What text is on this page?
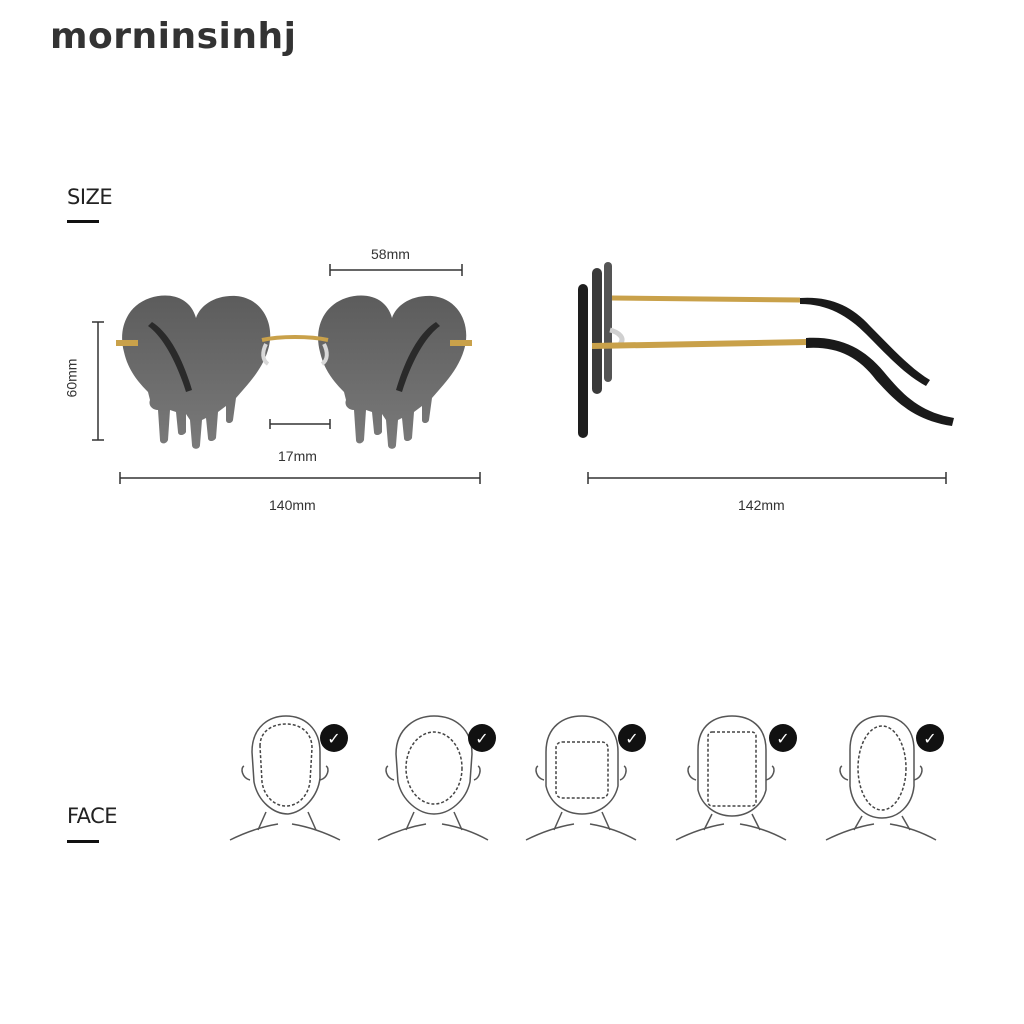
morninsinhj
SIZE
58mm
60mm
17mm
140mm	142mm
FACE
✓	✓	✓	✓	✓
